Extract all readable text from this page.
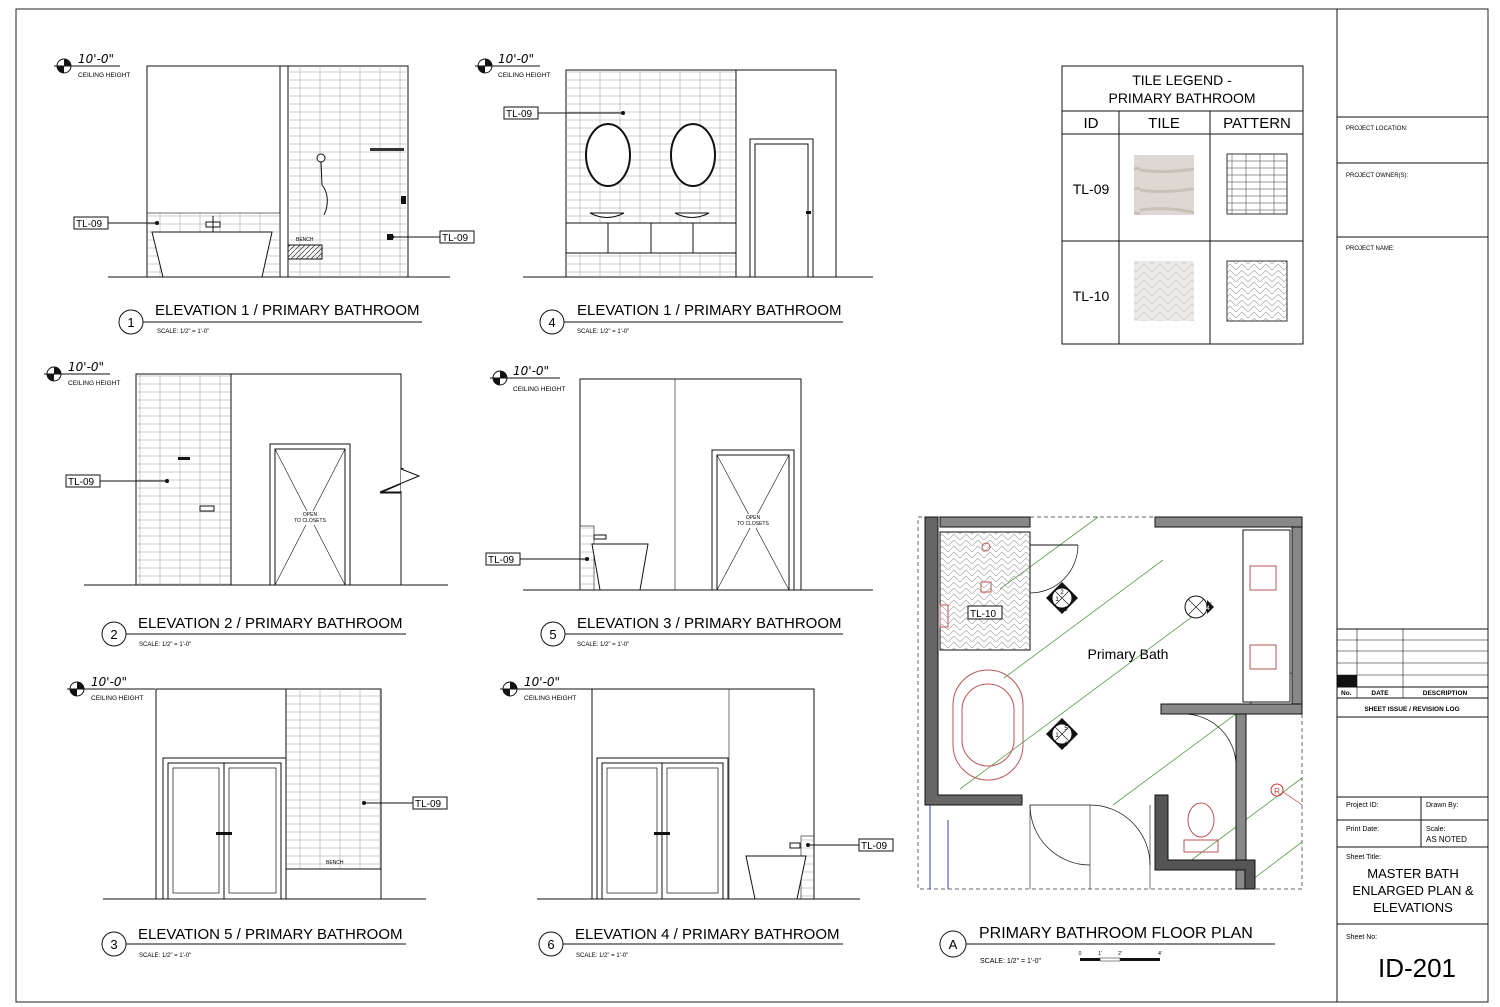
10'-0"
CEILING HEIGHT
BENCH
TL-09
TL-09
1
ELEVATION 1 / PRIMARY BATHROOM
SCALE: 1/2" = 1'-0"
10'-0"
CEILING HEIGHT
TL-09
4
ELEVATION 1 / PRIMARY BATHROOM
SCALE: 1/2" = 1'-0"
10'-0"
CEILING HEIGHT
OPEN
TO CLOSETS
TL-09
2
ELEVATION 2 / PRIMARY BATHROOM
SCALE: 1/2" = 1'-0"
10'-0"
CEILING HEIGHT
OPEN
TO CLOSETS
TL-09
5
ELEVATION 3 / PRIMARY BATHROOM
SCALE: 1/2" = 1'-0"
10'-0"
CEILING HEIGHT
BENCH
TL-09
3
ELEVATION 5 / PRIMARY BATHROOM
SCALE: 1/2" = 1'-0"
10'-0"
CEILING HEIGHT
TL-09
6
ELEVATION 4 / PRIMARY BATHROOM
SCALE: 1/2" = 1'-0"
TILE LEGEND -
PRIMARY BATHROOM
ID	TILE	PATTERN
TL-09
TL-10
TL-10
Primary Bath
2
1
3	4
5
1
6
R
A
PRIMARY BATHROOM FLOOR PLAN
SCALE: 1/2" = 1'-0"
0	1'	2'	4'
PROJECT LOCATION:
PROJECT OWNER(S):
PROJECT NAME:
No.	DATE	DESCRIPTION
SHEET ISSUE / REVISION LOG
Project ID:	Drawn By:
Print Date:	Scale:
AS NOTED
Sheet Title:
MASTER BATH
ENLARGED PLAN &
ELEVATIONS
Sheet No:
ID-201
